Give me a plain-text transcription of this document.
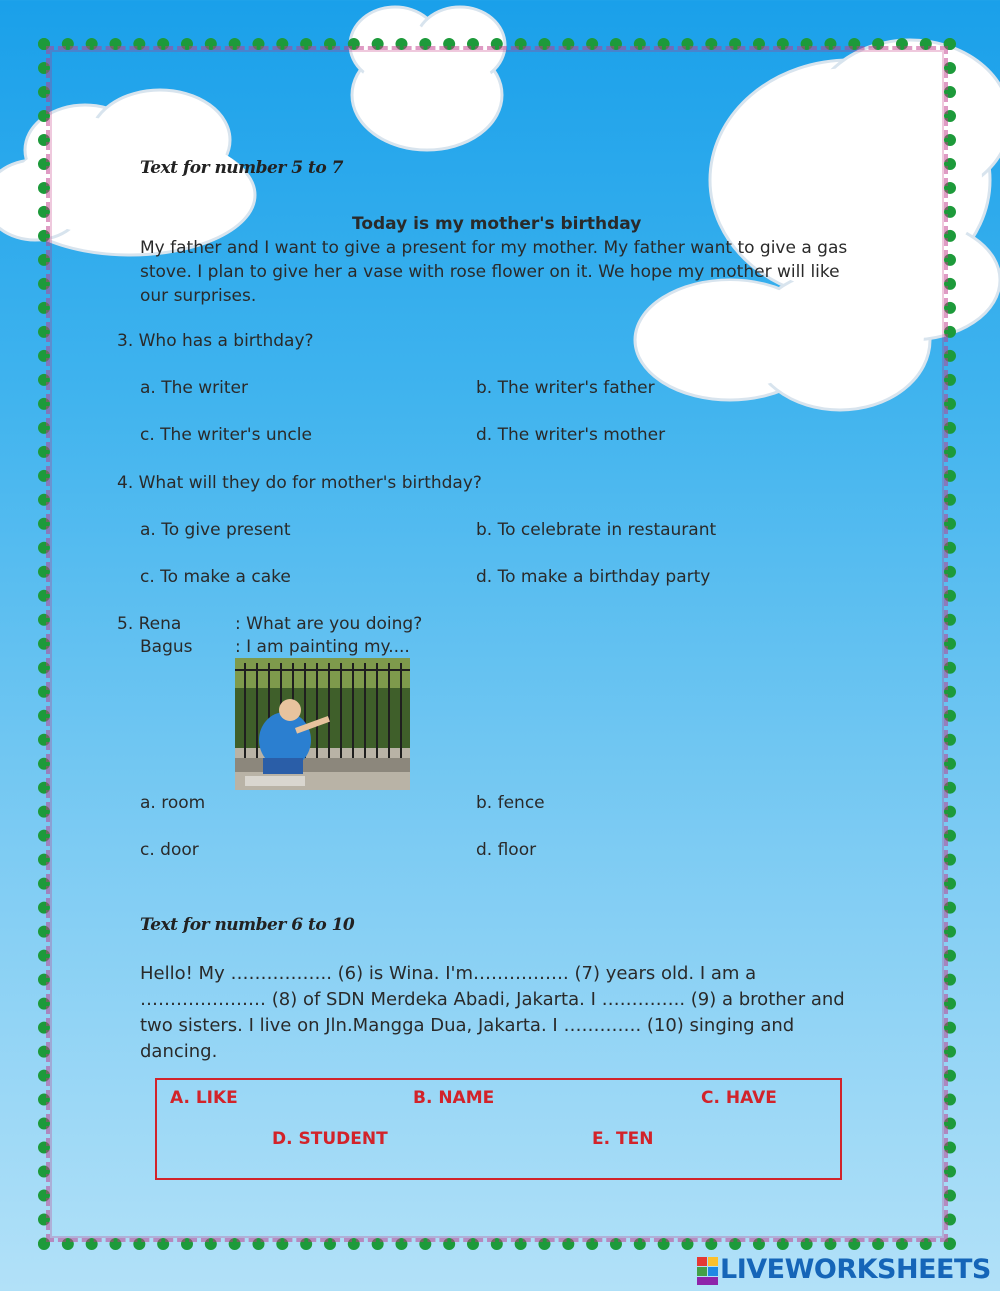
Text for number 5 to 7
Today is my mother's birthday
My father and I want to give a present for my mother. My father want to give a gas stove. I plan to give her a vase with rose flower on it. We hope my mother will like our surprises.
3. Who has a birthday?
a. The writer	b. The writer's father
c. The writer's uncle	d. The writer's mother
4. What will they do for mother's birthday?
a. To give present	b. To celebrate in restaurant
c. To make a cake	d. To make a birthday party
5. Rena	: What are you doing?
Bagus : I am painting my....
a. room	b. fence
c. door	d. floor
Text for number 6 to 10
Hello! My …………….. (6) is Wina. I'm……………. (7) years old. I am a ………………… (8) of SDN Merdeka Abadi, Jakarta. I ………….. (9) a brother and two sisters. I live on Jln.Mangga Dua, Jakarta. I …………. (10) singing and dancing.
A. LIKE	B. NAME	C. HAVE
D. STUDENT	E. TEN
LIVEWORKSHEETS
